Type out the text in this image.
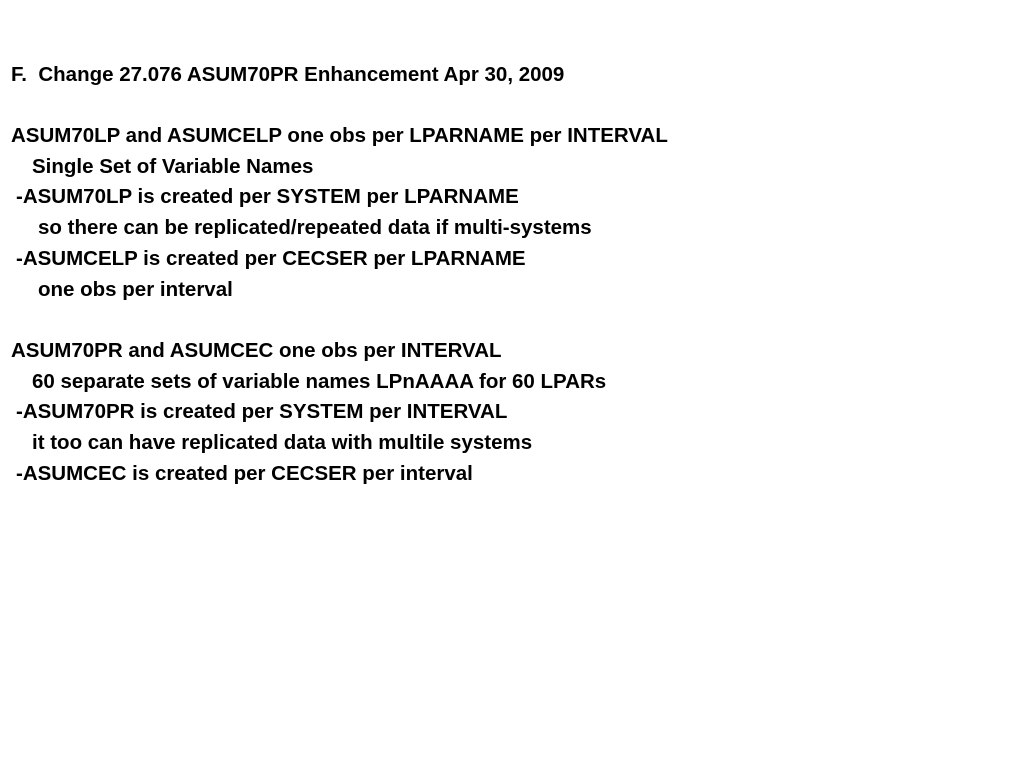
F.  Change 27.076 ASUM70PR Enhancement Apr 30, 2009
ASUM70LP and ASUMCELP one obs per LPARNAME per INTERVAL
Single Set of Variable Names
-ASUM70LP is created per SYSTEM per LPARNAME
so there can be replicated/repeated data if multi-systems
-ASUMCELP is created per CECSER per LPARNAME
one obs per interval
ASUM70PR and ASUMCEC one obs per INTERVAL
60 separate sets of variable names LPnAAAA for 60 LPARs
-ASUM70PR is created per SYSTEM per INTERVAL
it too can have replicated data with multile systems
-ASUMCEC is created per CECSER per interval
